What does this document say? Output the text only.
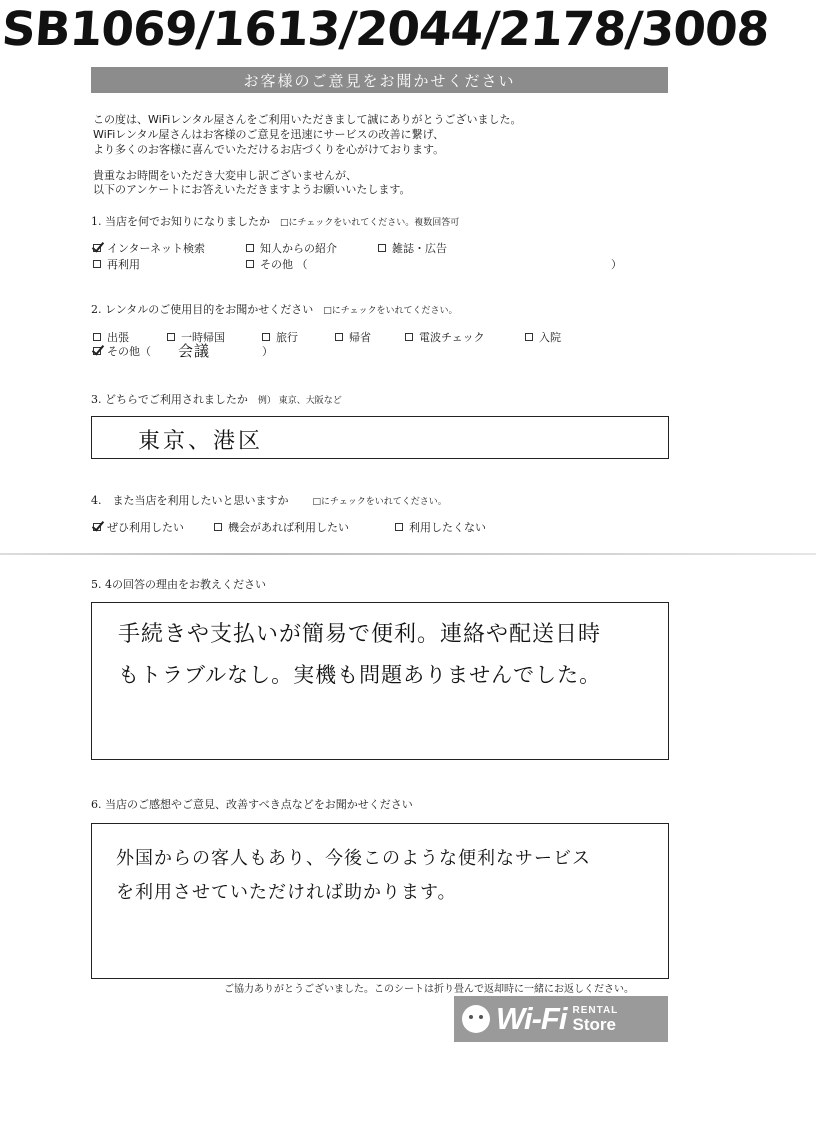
SB1069/1613/2044/2178/3008
お客様のご意見をお聞かせください
この度は、WiFiレンタル屋さんをご利用いただきまして誠にありがとうございました。
WiFiレンタル屋さんはお客様のご意見を迅速にサービスの改善に繋げ、
より多くのお客様に喜んでいただけるお店づくりを心がけております。
貴重なお時間をいただき大変申し訳ございませんが、
以下のアンケートにお答えいただきますようお願いいたします。
1. 当店を何でお知りになりましたか □にチェックをいれてください。複数回答可
インターネット検索	知人からの紹介	雑誌・広告
再利用	その他 （	）
2. レンタルのご使用目的をお聞かせください □にチェックをいれてください。
出張	一時帰国	旅行	帰省	電波チェック	入院
その他（ 会議	）
3. どちらでご利用されましたか 例） 東京、大阪など
東京、港区
4.　また当店を利用したいと思いますか	□にチェックをいれてください。
ぜひ利用したい	機会があれば利用したい	利用したくない
5. 4の回答の理由をお教えください
手続きや支払いが簡易で便利。連絡や配送日時
もトラブルなし。実機も問題ありませんでした。
6. 当店のご感想やご意見、改善すべき点などをお聞かせください
外国からの客人もあり、今後このような便利なサービス
を利用させていただければ助かります。
ご協力ありがとうございました。このシートは折り畳んで返却時に一緒にお返しください。
Wi-Fi RENTAL
Store
